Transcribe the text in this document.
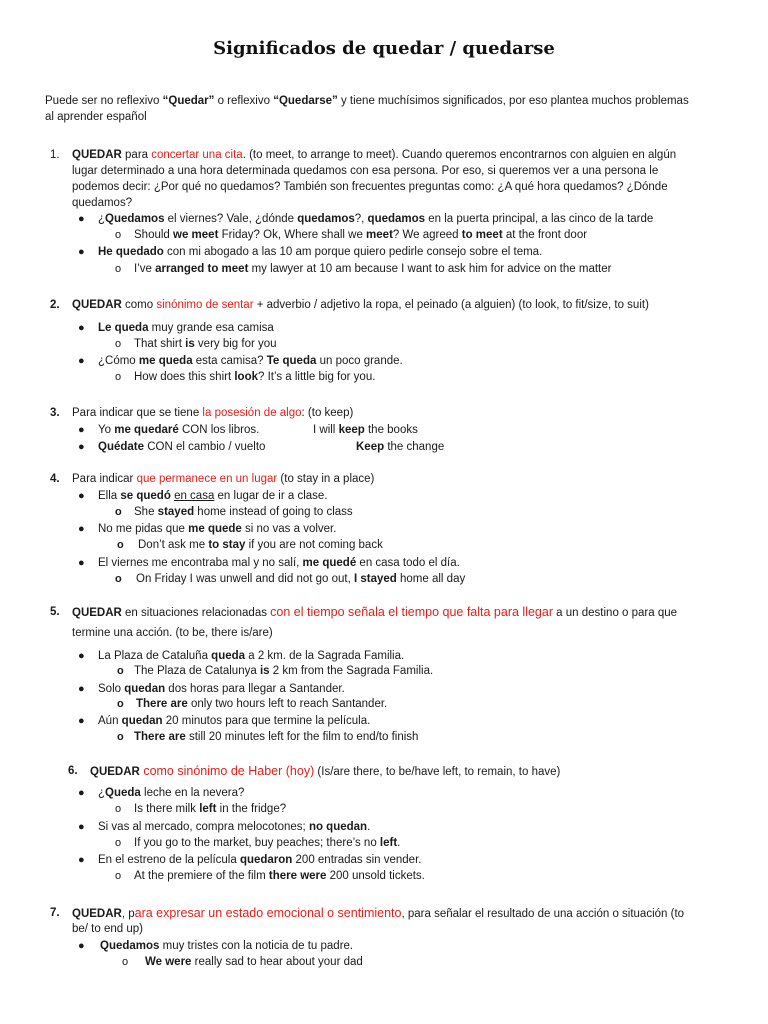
Significados de quedar / quedarse
Puede ser no reflexivo “Quedar” o reflexivo “Quedarse” y tiene muchísimos significados, por eso plantea muchos problemas
al aprender español
1. QUEDAR para concertar una cita. (to meet, to arrange to meet). Cuando queremos encontrarnos con alguien en algún
lugar determinado a una hora determinada quedamos con esa persona. Por eso, si queremos ver a una persona le
podemos decir: ¿Por qué no quedamos? También son frecuentes preguntas como: ¿A qué hora quedamos? ¿Dónde
quedamos?
● ¿Quedamos el viernes? Vale, ¿dónde quedamos?, quedamos en la puerta principal, a las cinco de la tarde
o Should we meet Friday? Ok, Where shall we meet? We agreed to meet at the front door
● He quedado con mi abogado a las 10 am porque quiero pedirle consejo sobre el tema.
o I’ve arranged to meet my lawyer at 10 am because I want to ask him for advice on the matter
2. QUEDAR como sinónimo de sentar + adverbio / adjetivo la ropa, el peinado (a alguien) (to look, to fit/size, to suit)
● Le queda muy grande esa camisa
o That shirt is very big for you
● ¿Cómo me queda esta camisa? Te queda un poco grande.
o How does this shirt look? It’s a little big for you.
3. Para indicar que se tiene la posesión de algo: (to keep)
● Yo me quedaré CON los libros.	I will keep the books
● Quédate CON el cambio / vuelto	Keep the change
4. Para indicar que permanece en un lugar (to stay in a place)
● Ella se quedó en casa en lugar de ir a clase.
o She stayed home instead of going to class
● No me pidas que me quede si no vas a volver.
o Don’t ask me to stay if you are not coming back
● El viernes me encontraba mal y no salí, me quedé en casa todo el día.
o On Friday I was unwell and did not go out, I stayed home all day
5. QUEDAR en situaciones relacionadas con el tiempo señala el tiempo que falta para llegar a un destino o para que
termine una acción. (to be, there is/are)
● La Plaza de Cataluña queda a 2 km. de la Sagrada Familia.
o The Plaza de Catalunya is 2 km from the Sagrada Familia.
● Solo quedan dos horas para llegar a Santander.
o There are only two hours left to reach Santander.
● Aún quedan 20 minutos para que termine la película.
o There are still 20 minutes left for the film to end/to finish
6. QUEDAR como sinónimo de Haber (hoy) (Is/are there, to be/have left, to remain, to have)
● ¿Queda leche en la nevera?
o Is there milk left in the fridge?
● Si vas al mercado, compra melocotones; no quedan.
o If you go to the market, buy peaches; there’s no left.
● En el estreno de la película quedaron 200 entradas sin vender.
o At the premiere of the film there were 200 unsold tickets.
7. QUEDAR, para expresar un estado emocional o sentimiento, para señalar el resultado de una acción o situación (to
be/ to end up)
● Quedamos muy tristes con la noticia de tu padre.
o We were really sad to hear about your dad
